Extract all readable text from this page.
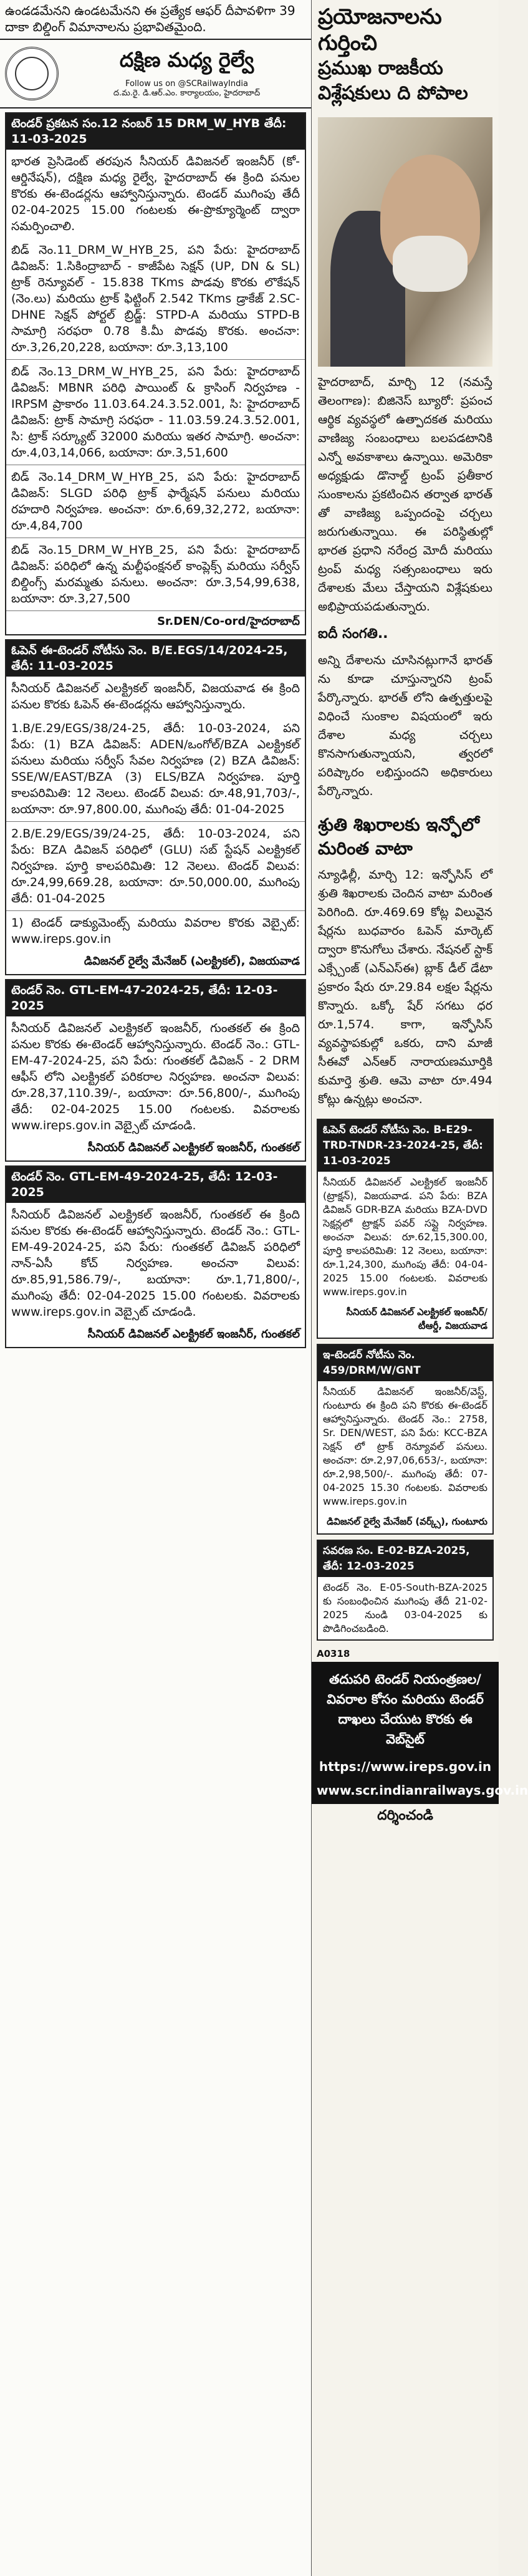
ఉండడమేనని ఉండటమేనని ఈ ప్రత్యేక ఆఫర్ దీపావళిగా 39 దాకా బిల్డింగ్ విమానాలను ప్రభావితమైంది.
దక్షిణ మధ్య రైల్వే
Follow us on @SCRailwayIndia
ద.మ.రై. డి.ఆర్.ఎం. కార్యాలయం, హైదరాబాద్
టెండర్ ప్రకటన సం.12 నంబర్ 15 DRM_W_HYB తేదీ: 11-03-2025
భారత ప్రెసిడెంట్ తరపున సీనియర్ డివిజనల్ ఇంజనీర్ (కో-ఆర్డినేషన్), దక్షిణ మధ్య రైల్వే, హైదరాబాద్ ఈ క్రింది పనుల కొరకు ఈ-టెండర్లను ఆహ్వానిస్తున్నారు. టెండర్ ముగింపు తేదీ 02-04-2025 15.00 గంటలకు ఈ-ప్రొక్యూర్మెంట్ ద్వారా సమర్పించాలి.
బిడ్ నెం.11_DRM_W_HYB_25, పని పేరు: హైదరాబాద్ డివిజన్: 1.సికింద్రాబాద్ - కాజీపేట సెక్షన్ (UP, DN & SL) ట్రాక్ రెన్యూవల్ - 15.838 TKms పొడవు కొరకు లొకేషన్ (నెం.లు) మరియు ట్రాక్ ఫిట్టింగ్ 2.542 TKms డ్రాకేజ్ 2.SC-DHNE సెక్షన్ పోర్టల్ బ్రిడ్జ్: STPD-A మరియు STPD-B సామాగ్రి సరఫరా 0.78 కి.మీ పొడవు కొరకు. అంచనా: రూ.3,26,20,228, బయానా: రూ.3,13,100
బిడ్ నెం.13_DRM_W_HYB_25, పని పేరు: హైదరాబాద్ డివిజన్: MBNR పరిధి పాయింట్ & క్రాసింగ్ నిర్వహణ - IRPSM ప్రాకారం 11.03.64.24.3.52.001, సి: హైదరాబాద్ డివిజన్: ట్రాక్ సామాగ్రి సరఫరా - 11.03.59.24.3.52.001, సి: ట్రాక్ సర్క్యూట్ 32000 మరియు ఇతర సామాగ్రి. అంచనా: రూ.4,03,14,066, బయానా: రూ.3,51,600
బిడ్ నెం.14_DRM_W_HYB_25, పని పేరు: హైదరాబాద్ డివిజన్: SLGD పరిధి ట్రాక్ ఫార్మేషన్ పనులు మరియు రహదారి నిర్వహణ. అంచనా: రూ.6,69,32,272, బయానా: రూ.4,84,700
బిడ్ నెం.15_DRM_W_HYB_25, పని పేరు: హైదరాబాద్ డివిజన్: పరిధిలో ఉన్న మల్టీఫంక్షనల్ కాంప్లెక్స్ మరియు సర్వీస్ బిల్డింగ్స్ మరమ్మతు పనులు. అంచనా: రూ.3,54,99,638, బయానా: రూ.3,27,500
Sr.DEN/Co-ord/హైదరాబాద్
ఓపెన్ ఈ-టెండర్ నోటీసు నెం. B/E.EGS/14/2024-25, తేదీ: 11-03-2025
సీనియర్ డివిజనల్ ఎలక్ట్రికల్ ఇంజనీర్, విజయవాడ ఈ క్రింది పనుల కొరకు ఓపెన్ ఈ-టెండర్లను ఆహ్వానిస్తున్నారు.
1.B/E.29/EGS/38/24-25, తేదీ: 10-03-2024, పని పేరు: (1) BZA డివిజన్: ADEN/ఒంగోల్/BZA ఎలక్ట్రికల్ పనులు మరియు సర్వీస్ సేవల నిర్వహణ (2) BZA డివిజన్: SSE/W/EAST/BZA (3) ELS/BZA నిర్వహణ. పూర్తి కాలపరిమితి: 12 నెలలు. టెండర్ విలువ: రూ.48,91,703/-, బయానా: రూ.97,800.00, ముగింపు తేదీ: 01-04-2025
2.B/E.29/EGS/39/24-25, తేదీ: 10-03-2024, పని పేరు: BZA డివిజన్ పరిధిలో (GLU) సబ్ స్టేషన్ ఎలక్ట్రికల్ నిర్వహణ. పూర్తి కాలపరిమితి: 12 నెలలు. టెండర్ విలువ: రూ.24,99,669.28, బయానా: రూ.50,000.00, ముగింపు తేదీ: 01-04-2025
1) టెండర్ డాక్యుమెంట్స్ మరియు వివరాల కొరకు వెబ్సైట్: www.ireps.gov.in
డివిజనల్ రైల్వే మేనేజర్ (ఎలక్ట్రికల్), విజయవాడ
టెండర్ నెం. GTL-EM-47-2024-25, తేదీ: 12-03-2025
సీనియర్ డివిజనల్ ఎలక్ట్రికల్ ఇంజనీర్, గుంతకల్ ఈ క్రింది పనుల కొరకు ఈ-టెండర్ ఆహ్వానిస్తున్నారు. టెండర్ నెం.: GTL-EM-47-2024-25, పని పేరు: గుంతకల్ డివిజన్ - 2 DRM ఆఫీస్ లోని ఎలక్ట్రికల్ పరికరాల నిర్వహణ. అంచనా విలువ: రూ.28,37,110.39/-, బయానా: రూ.56,800/-, ముగింపు తేదీ: 02-04-2025 15.00 గంటలకు. వివరాలకు www.ireps.gov.in వెబ్సైట్ చూడండి.
సీనియర్ డివిజనల్ ఎలక్ట్రికల్ ఇంజనీర్, గుంతకల్
టెండర్ నెం. GTL-EM-49-2024-25, తేదీ: 12-03-2025
సీనియర్ డివిజనల్ ఎలక్ట్రికల్ ఇంజనీర్, గుంతకల్ ఈ క్రింది పనుల కొరకు ఈ-టెండర్ ఆహ్వానిస్తున్నారు. టెండర్ నెం.: GTL-EM-49-2024-25, పని పేరు: గుంతకల్ డివిజన్ పరిధిలో నాన్-ఏసీ కోచ్ నిర్వహణ. అంచనా విలువ: రూ.85,91,586.79/-, బయానా: రూ.1,71,800/-, ముగింపు తేదీ: 02-04-2025 15.00 గంటలకు. వివరాలకు www.ireps.gov.in వెబ్సైట్ చూడండి.
సీనియర్ డివిజనల్ ఎలక్ట్రికల్ ఇంజనీర్, గుంతకల్
ప్రయోజనాలను గుర్తించి
ప్రముఖ రాజకీయ
విశ్లేషకులు ది పోపాల
హైదరాబాద్, మార్చి 12 (నమస్తే తెలంగాణ): బిజినెస్ బ్యూరో: ప్రపంచ ఆర్థిక వ్యవస్థలో ఉత్పాదకత మరియు వాణిజ్య సంబంధాలు బలపడటానికి ఎన్నో అవకాశాలు ఉన్నాయి. అమెరికా అధ్యక్షుడు డొనాల్డ్ ట్రంప్ ప్రతీకార సుంకాలను ప్రకటించిన తర్వాత భారత్ తో వాణిజ్య ఒప్పందంపై చర్చలు జరుగుతున్నాయి. ఈ పరిస్థితుల్లో భారత ప్రధాని నరేంద్ర మోదీ మరియు ట్రంప్ మధ్య సత్సంబంధాలు ఇరు దేశాలకు మేలు చేస్తాయని విశ్లేషకులు అభిప్రాయపడుతున్నారు.
ఐదీ సంగతి..
అన్ని దేశాలను చూసినట్లుగానే భారత్ ను కూడా చూస్తున్నారని ట్రంప్ పేర్కొన్నారు. భారత్ లోని ఉత్పత్తులపై విధించే సుంకాల విషయంలో ఇరు దేశాల మధ్య చర్చలు కొనసాగుతున్నాయని, త్వరలో పరిష్కారం లభిస్తుందని అధికారులు పేర్కొన్నారు.
శ్రుతి శిఖరాలకు ఇన్ఫోలో మరింత వాటా
న్యూఢిల్లీ, మార్చి 12: ఇన్ఫోసిస్ లో శ్రుతి శిఖరాలకు చెందిన వాటా మరింత పెరిగింది. రూ.469.69 కోట్ల విలువైన షేర్లను బుధవారం ఓపెన్ మార్కెట్ ద్వారా కొనుగోలు చేశారు. నేషనల్ స్టాక్ ఎక్స్చేంజ్ (ఎన్ఎస్ఈ) బ్లాక్ డీల్ డేటా ప్రకారం షేరు రూ.29.84 లక్షల షేర్లను కొన్నారు. ఒక్కో షేర్ సగటు ధర రూ.1,574. కాగా, ఇన్ఫోసిస్ వ్యవస్థాపకుల్లో ఒకరు, దాని మాజీ సీఈవో ఎన్ఆర్ నారాయణమూర్తికి కుమార్తె శ్రుతి. ఆమె వాటా రూ.494 కోట్లు ఉన్నట్లు అంచనా.
ఓపెన్ టెండర్ నోటీసు నెం. B-E29-TRD-TNDR-23-2024-25, తేదీ: 11-03-2025
సీనియర్ డివిజనల్ ఎలక్ట్రికల్ ఇంజనీర్ (ట్రాక్షన్), విజయవాడ. పని పేరు: BZA డివిజన్ GDR-BZA మరియు BZA-DVD సెక్షన్లలో ట్రాక్షన్ పవర్ సప్లై నిర్వహణ. అంచనా విలువ: రూ.62,15,300.00, పూర్తి కాలపరిమితి: 12 నెలలు, బయానా: రూ.1,24,300, ముగింపు తేదీ: 04-04-2025 15.00 గంటలకు. వివరాలకు www.ireps.gov.in
సీనియర్ డివిజనల్ ఎలక్ట్రికల్ ఇంజనీర్/టీఆర్డీ, విజయవాడ
ఇ-టెండర్ నోటీసు నెం. 459/DRM/W/GNT
సీనియర్ డివిజనల్ ఇంజనీర్/వెస్ట్, గుంటూరు ఈ క్రింది పని కొరకు ఈ-టెండర్ ఆహ్వానిస్తున్నారు. టెండర్ నెం.: 2758, Sr. DEN/WEST, పని పేరు: KCC-BZA సెక్షన్ లో ట్రాక్ రెన్యూవల్ పనులు. అంచనా: రూ.2,97,06,653/-, బయానా: రూ.2,98,500/-. ముగింపు తేదీ: 07-04-2025 15.30 గంటలకు. వివరాలకు www.ireps.gov.in
డివిజనల్ రైల్వే మేనేజర్ (వర్క్స్), గుంటూరు
సవరణ సం. E-02-BZA-2025, తేదీ: 12-03-2025
టెండర్ నెం. E-05-South-BZA-2025 కు సంబంధించిన ముగింపు తేదీ 21-02-2025 నుండి 03-04-2025 కు పొడిగించబడింది.
A0318
తదుపరి టెండర్ నియంత్రణల/వివరాల కోసం మరియు టెండర్ దాఖలు చేయుట కొరకు ఈ వెబ్‌సైట్
https://www.ireps.gov.in
www.scr.indianrailways.gov.in
దర్శించండి
